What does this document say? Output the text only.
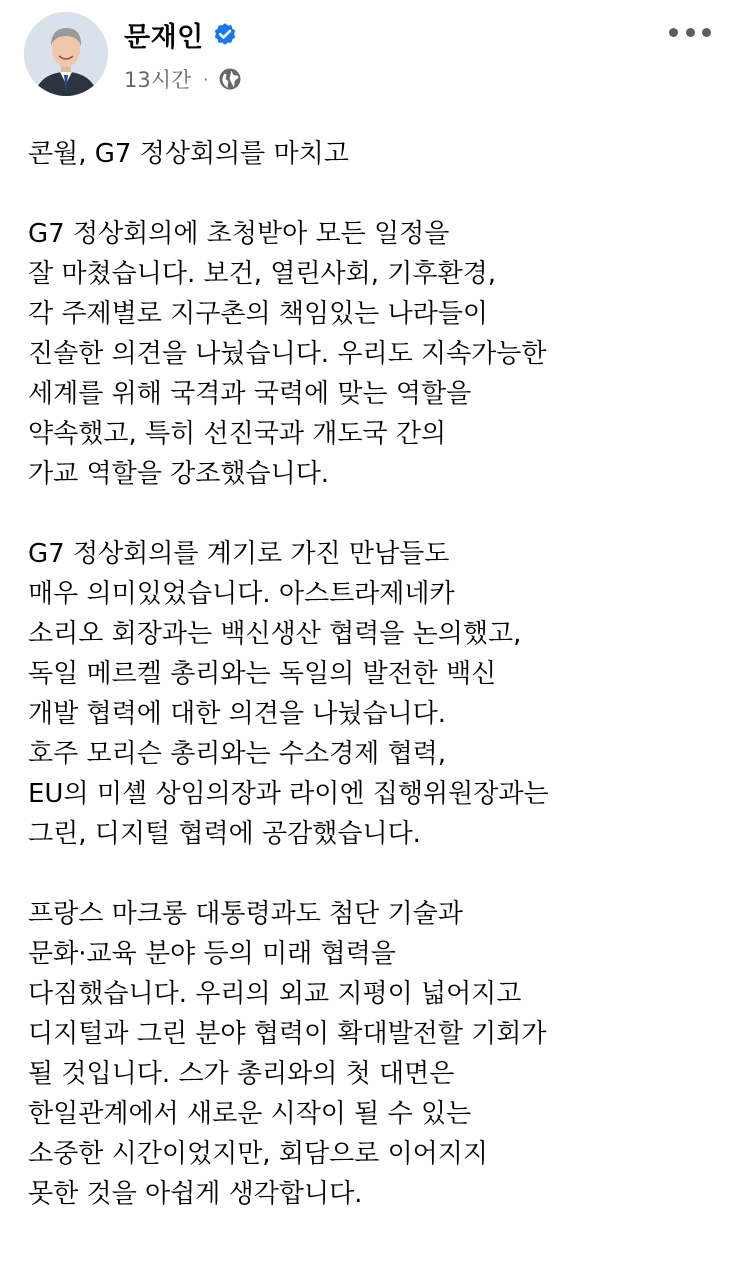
문재인
13시간 ·
콘월, G7 정상회의를 마치고
G7 정상회의에 초청받아 모든 일정을
잘 마쳤습니다. 보건, 열린사회, 기후환경,
각 주제별로 지구촌의 책임있는 나라들이
진솔한 의견을 나눴습니다. 우리도 지속가능한
세계를 위해 국격과 국력에 맞는 역할을
약속했고, 특히 선진국과 개도국 간의
가교 역할을 강조했습니다.
G7 정상회의를 계기로 가진 만남들도
매우 의미있었습니다. 아스트라제네카
소리오 회장과는 백신생산 협력을 논의했고,
독일 메르켈 총리와는 독일의 발전한 백신
개발 협력에 대한 의견을 나눴습니다.
호주 모리슨 총리와는 수소경제 협력,
EU의 미셸 상임의장과 라이엔 집행위원장과는
그린, 디지털 협력에 공감했습니다.
프랑스 마크롱 대통령과도 첨단 기술과
문화·교육 분야 등의 미래 협력을
다짐했습니다. 우리의 외교 지평이 넓어지고
디지털과 그린 분야 협력이 확대발전할 기회가
될 것입니다. 스가 총리와의 첫 대면은
한일관계에서 새로운 시작이 될 수 있는
소중한 시간이었지만, 회담으로 이어지지
못한 것을 아쉽게 생각합니다.
